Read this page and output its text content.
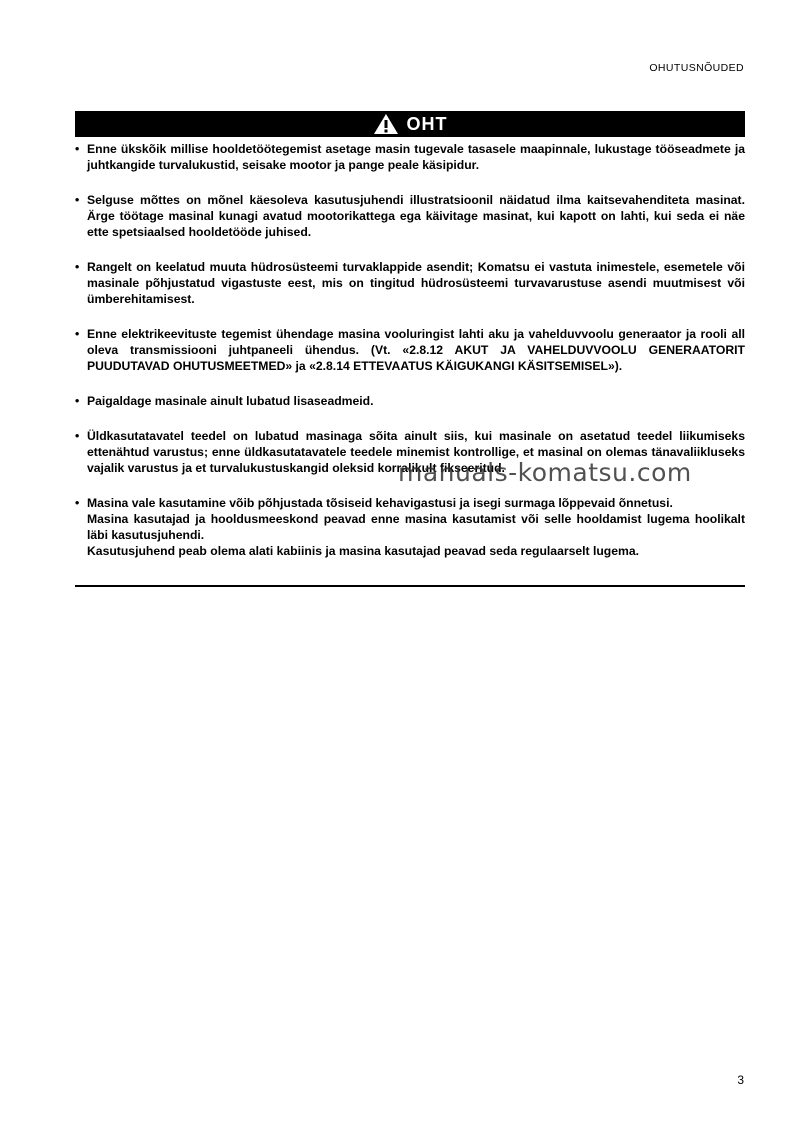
OHUTUSNÕUDED
OHT
• Enne ükskõik millise hooldetöötegemist asetage masin tugevale tasasele maapinnale, lukustage tööseadmete ja juhtkangide turvalukustid, seisake mootor ja pange peale käsipidur.

• Selguse mõttes on mõnel käesoleva kasutusjuhendi illustratsioonil näidatud ilma kaitsevahenditeta masinat. Ärge töötage masinal kunagi avatud mootorikattega ega käivitage masinat, kui kapott on lahti, kui seda ei näe ette spetsiaalsed hooldetööde juhised.

• Rangelt on keelatud muuta hüdrosüsteemi turvaklappide asendit; Komatsu ei vastuta inimestele, esemetele või masinale põhjustatud vigastuste eest, mis on tingitud hüdrosüsteemi turvavarustuse asendi muutmisest või ümberehitamisest.

• Enne elektrikeevituste tegemist ühendage masina vooluringist lahti aku ja vahelduvvoolu generaator ja rooli all oleva transmissiooni juhtpaneeli ühendus. (Vt. «2.8.12 AKUT JA VAHELDUVVOOLU GENERAATORIT PUUDUTAVAD OHUTUSMEETMED» ja «2.8.14 ETTEVAATUS KÄIGUKANGI KÄSITSEMISEL»).

• Paigaldage masinale ainult lubatud lisaseadmeid.

• Üldkasutatavatel teedel on lubatud masinaga sõita ainult siis, kui masinale on asetatud teedel liikumiseks ettenähtud varustus; enne üldkasutatavatele teedele minemist kontrollige, et masinal on olemas tänavaliikluseks vajalik varustus ja et turvalukustuskangid oleksid korralikult fikseeritud.

• Masina vale kasutamine võib põhjustada tõsiseid kehavigastusi ja isegi surmaga lõppevaid õnnetusi.

Masina kasutajad ja hooldusmeeskond peavad enne masina kasutamist või selle hooldamist lugema hoolikalt läbi kasutusjuhendi.

Kasutusjuhend peab olema alati kabiinis ja masina kasutajad peavad seda regulaarselt lugema.

manuals-komatsu.com
3
